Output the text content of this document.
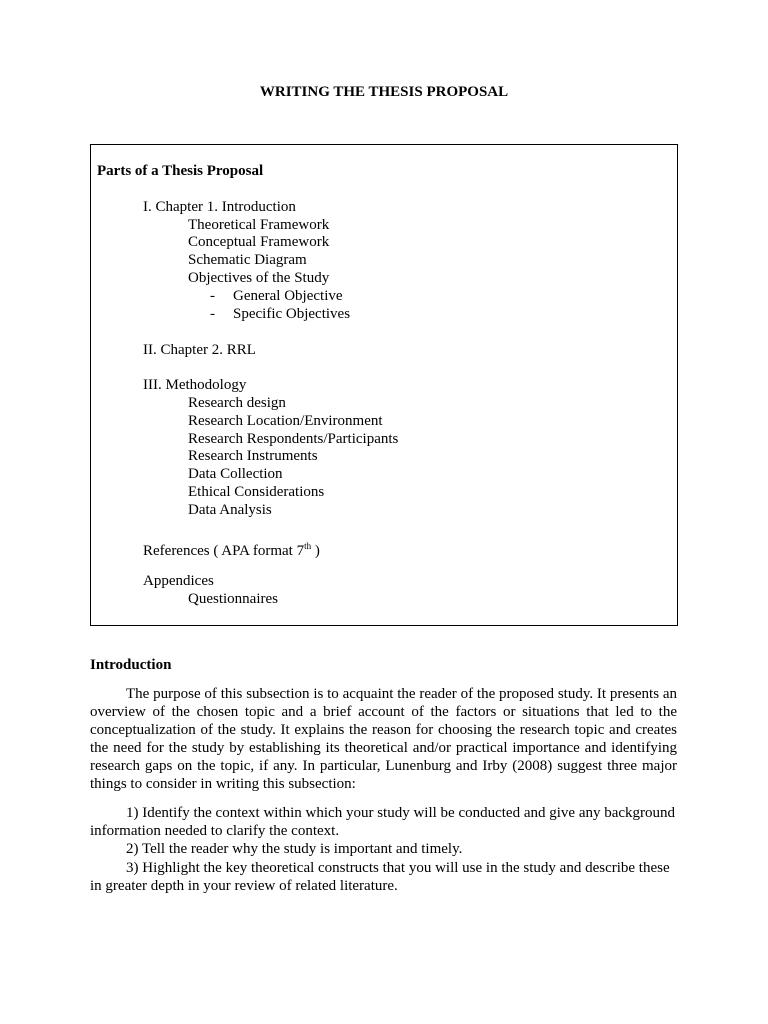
WRITING THE THESIS PROPOSAL
Parts of a Thesis Proposal
I. Chapter 1. Introduction
Theoretical Framework
Conceptual Framework
Schematic Diagram
Objectives of the Study
- General Objective
- Specific Objectives
II. Chapter 2. RRL
III. Methodology
Research design
Research Location/Environment
Research Respondents/Participants
Research Instruments
Data Collection
Ethical Considerations
Data Analysis
References ( APA format 7th )
Appendices
Questionnaires
Introduction
The purpose of this subsection is to acquaint the reader of the proposed study. It presents an overview of the chosen topic and a brief account of the factors or situations that led to the conceptualization of the study. It explains the reason for choosing the research topic and creates the need for the study by establishing its theoretical and/or practical importance and identifying research gaps on the topic, if any. In particular, Lunenburg and Irby (2008) suggest three major things to consider in writing this subsection:
1) Identify the context within which your study will be conducted and give any background information needed to clarify the context.
2) Tell the reader why the study is important and timely.
3) Highlight the key theoretical constructs that you will use in the study and describe these in greater depth in your review of related literature.
